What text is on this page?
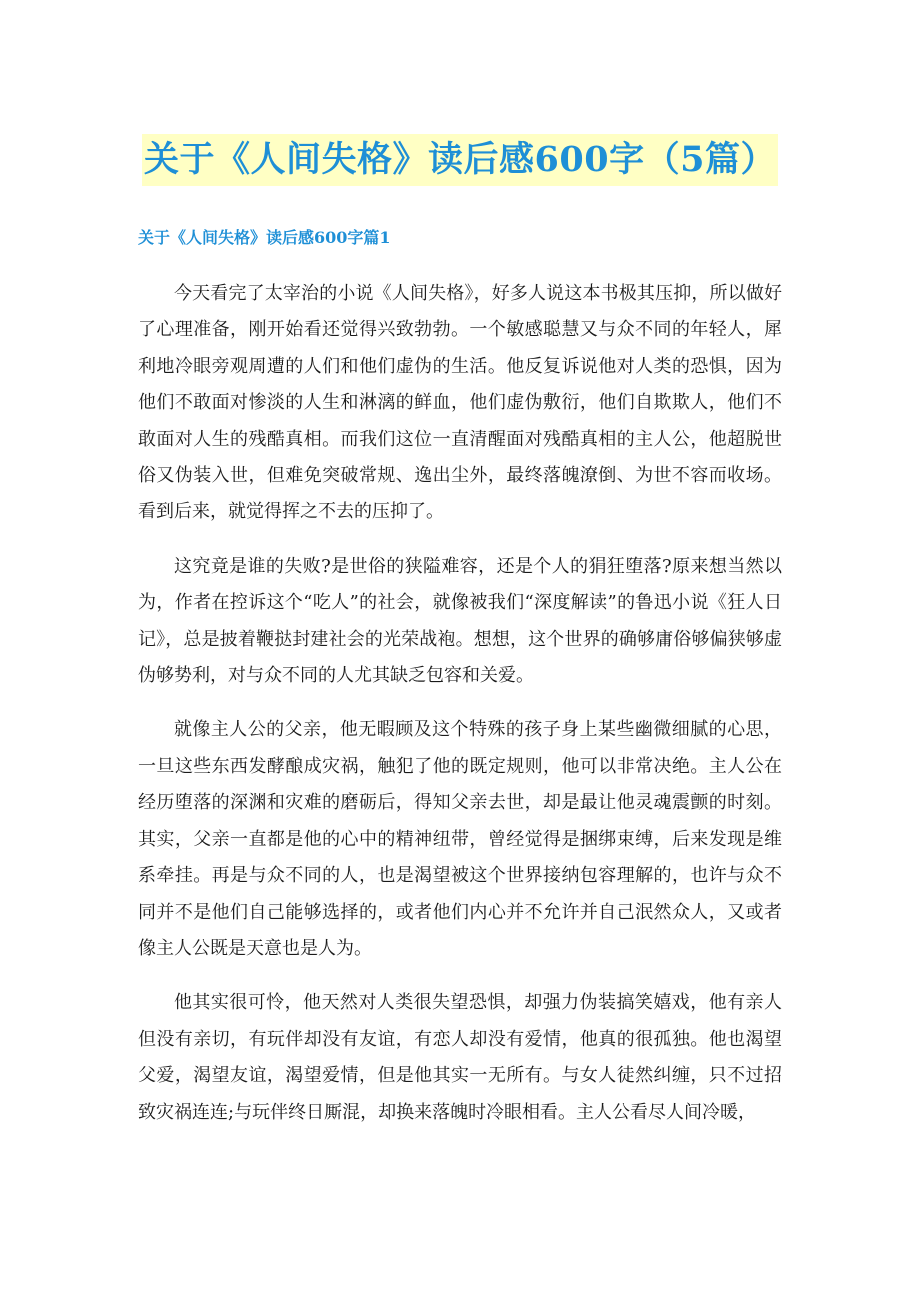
关于《人间失格》读后感600字（5篇）
关于《人间失格》读后感600字篇1

今天看完了太宰治的小说《人间失格》，好多人说这本书极其压抑，所以做好了心理准备，刚开始看还觉得兴致勃勃。一个敏感聪慧又与众不同的年轻人，犀利地冷眼旁观周遭的人们和他们虚伪的生活。他反复诉说他对人类的恐惧，因为他们不敢面对惨淡的人生和淋漓的鲜血，他们虚伪敷衍，他们自欺欺人，他们不敢面对人生的残酷真相。而我们这位一直清醒面对残酷真相的主人公，他超脱世俗又伪装入世，但难免突破常规、逸出尘外，最终落魄潦倒、为世不容而收场。看到后来，就觉得挥之不去的压抑了。

这究竟是谁的失败?是世俗的狭隘难容，还是个人的狷狂堕落?原来想当然以为，作者在控诉这个“吃人”的社会，就像被我们“深度解读”的鲁迅小说《狂人日记》，总是披着鞭挞封建社会的光荣战袍。想想，这个世界的确够庸俗够偏狭够虚伪够势利，对与众不同的人尤其缺乏包容和关爱。

就像主人公的父亲，他无暇顾及这个特殊的孩子身上某些幽微细腻的心思，一旦这些东西发酵酿成灾祸，触犯了他的既定规则，他可以非常决绝。主人公在经历堕落的深渊和灾难的磨砺后，得知父亲去世，却是最让他灵魂震颤的时刻。其实，父亲一直都是他的心中的精神纽带，曾经觉得是捆绑束缚，后来发现是维系牵挂。再是与众不同的人，也是渴望被这个世界接纳包容理解的，也许与众不同并不是他们自己能够选择的，或者他们内心并不允许并自己泯然众人，又或者像主人公既是天意也是人为。

他其实很可怜，他天然对人类很失望恐惧，却强力伪装搞笑嬉戏，他有亲人但没有亲切，有玩伴却没有友谊，有恋人却没有爱情，他真的很孤独。他也渴望父爱，渴望友谊，渴望爱情，但是他其实一无所有。与女人徒然纠缠，只不过招致灾祸连连;与玩伴终日厮混，却换来落魄时冷眼相看。主人公看尽人间冷暖，
